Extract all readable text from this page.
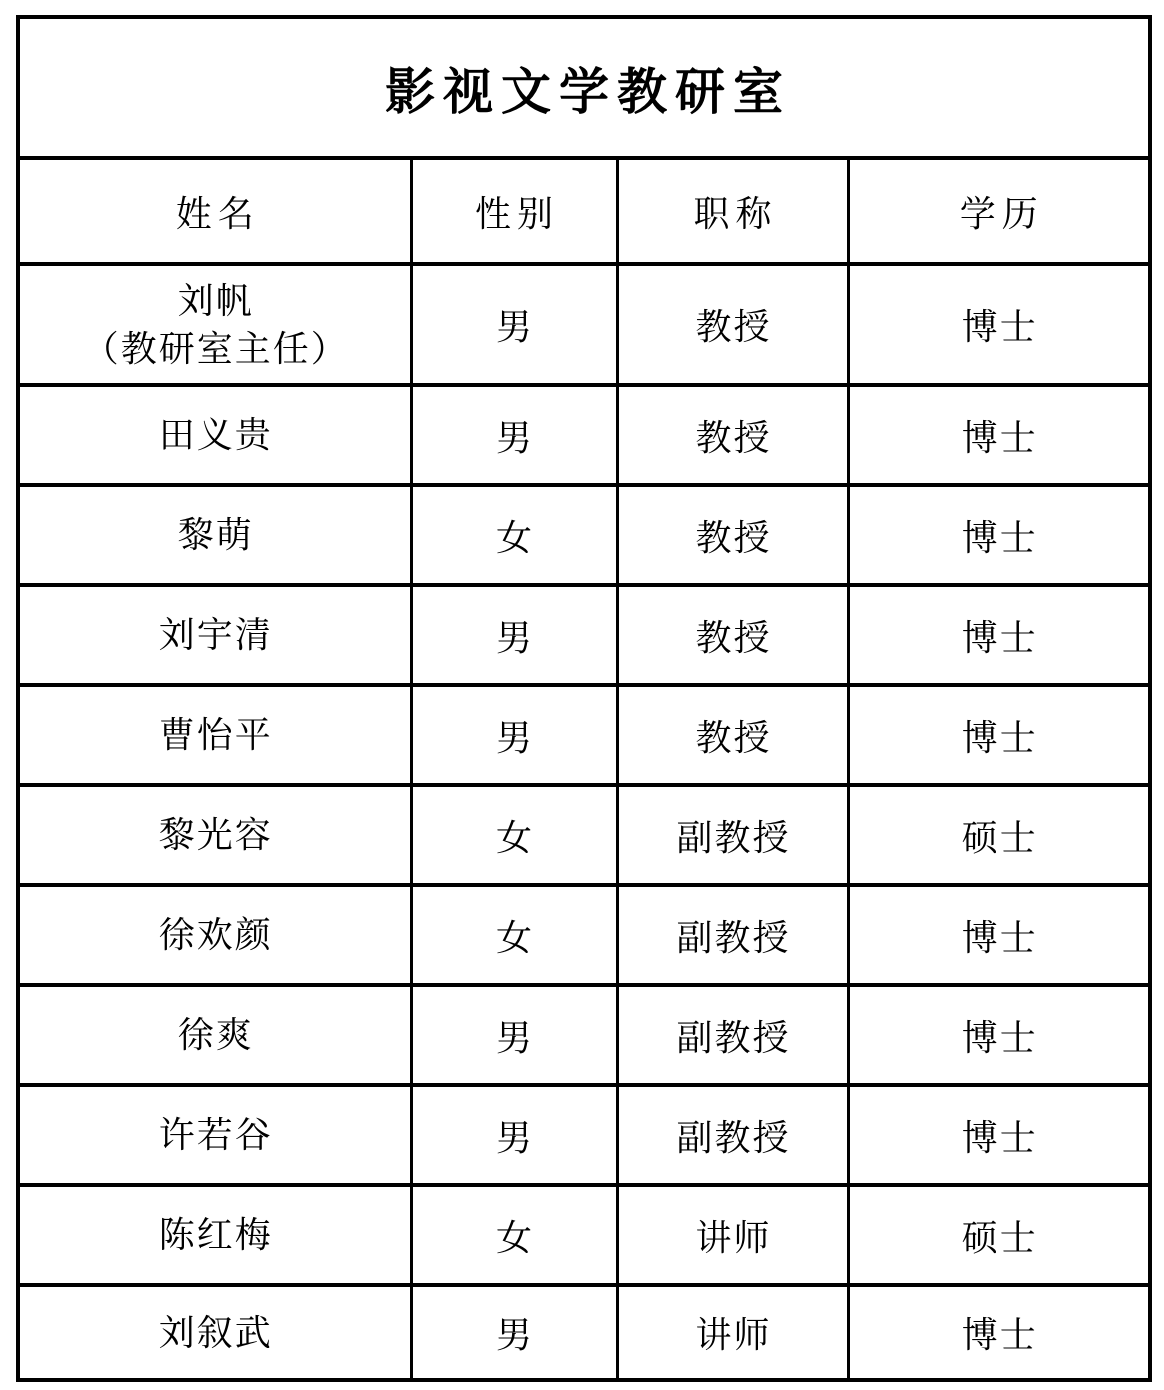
影视文学教研室			
姓名	性别	职称	学历

刘帆
（教研室主任）	男	教授	博士

田义贵	男	教授	博士

黎萌	女	教授	博士

刘宇清	男	教授	博士

曹怡平	男	教授	博士

黎光容	女	副教授	硕士

徐欢颜	女	副教授	博士

徐爽	男	副教授	博士

许若谷	男	副教授	博士

陈红梅	女	讲师	硕士

刘叙武	男	讲师	博士
